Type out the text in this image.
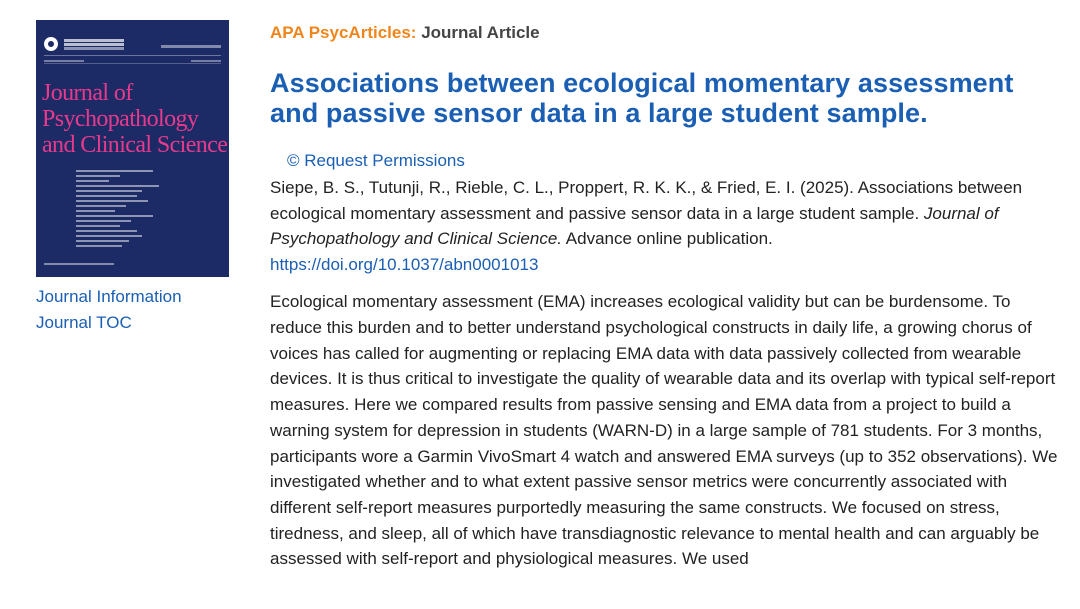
Journal of
Psychopathology
and Clinical Science
Journal Information
Journal TOC

APA PsycArticles: Journal Article

Associations between ecological momentary assessment and passive sensor data in a large student sample.
© Request Permissions

Siepe, B. S., Tutunji, R., Rieble, C. L., Proppert, R. K. K., & Fried, E. I. (2025). Associations between ecological momentary assessment and passive sensor data in a large student sample. Journal of Psychopathology and Clinical Science. Advance online publication.
https://doi.org/10.1037/abn0001013

Ecological momentary assessment (EMA) increases ecological validity but can be burdensome. To reduce this burden and to better understand psychological constructs in daily life, a growing chorus of voices has called for augmenting or replacing EMA data with data passively collected from wearable devices. It is thus critical to investigate the quality of wearable data and its overlap with typical self-report measures. Here we compared results from passive sensing and EMA data from a project to build a warning system for depression in students (WARN-D) in a large sample of 781 students. For 3 months, participants wore a Garmin VivoSmart 4 watch and answered EMA surveys (up to 352 observations). We investigated whether and to what extent passive sensor metrics were concurrently associated with different self-report measures purportedly measuring the same constructs. We focused on stress, tiredness, and sleep, all of which have transdiagnostic relevance to mental health and can arguably be assessed with self-report and physiological measures. We used
